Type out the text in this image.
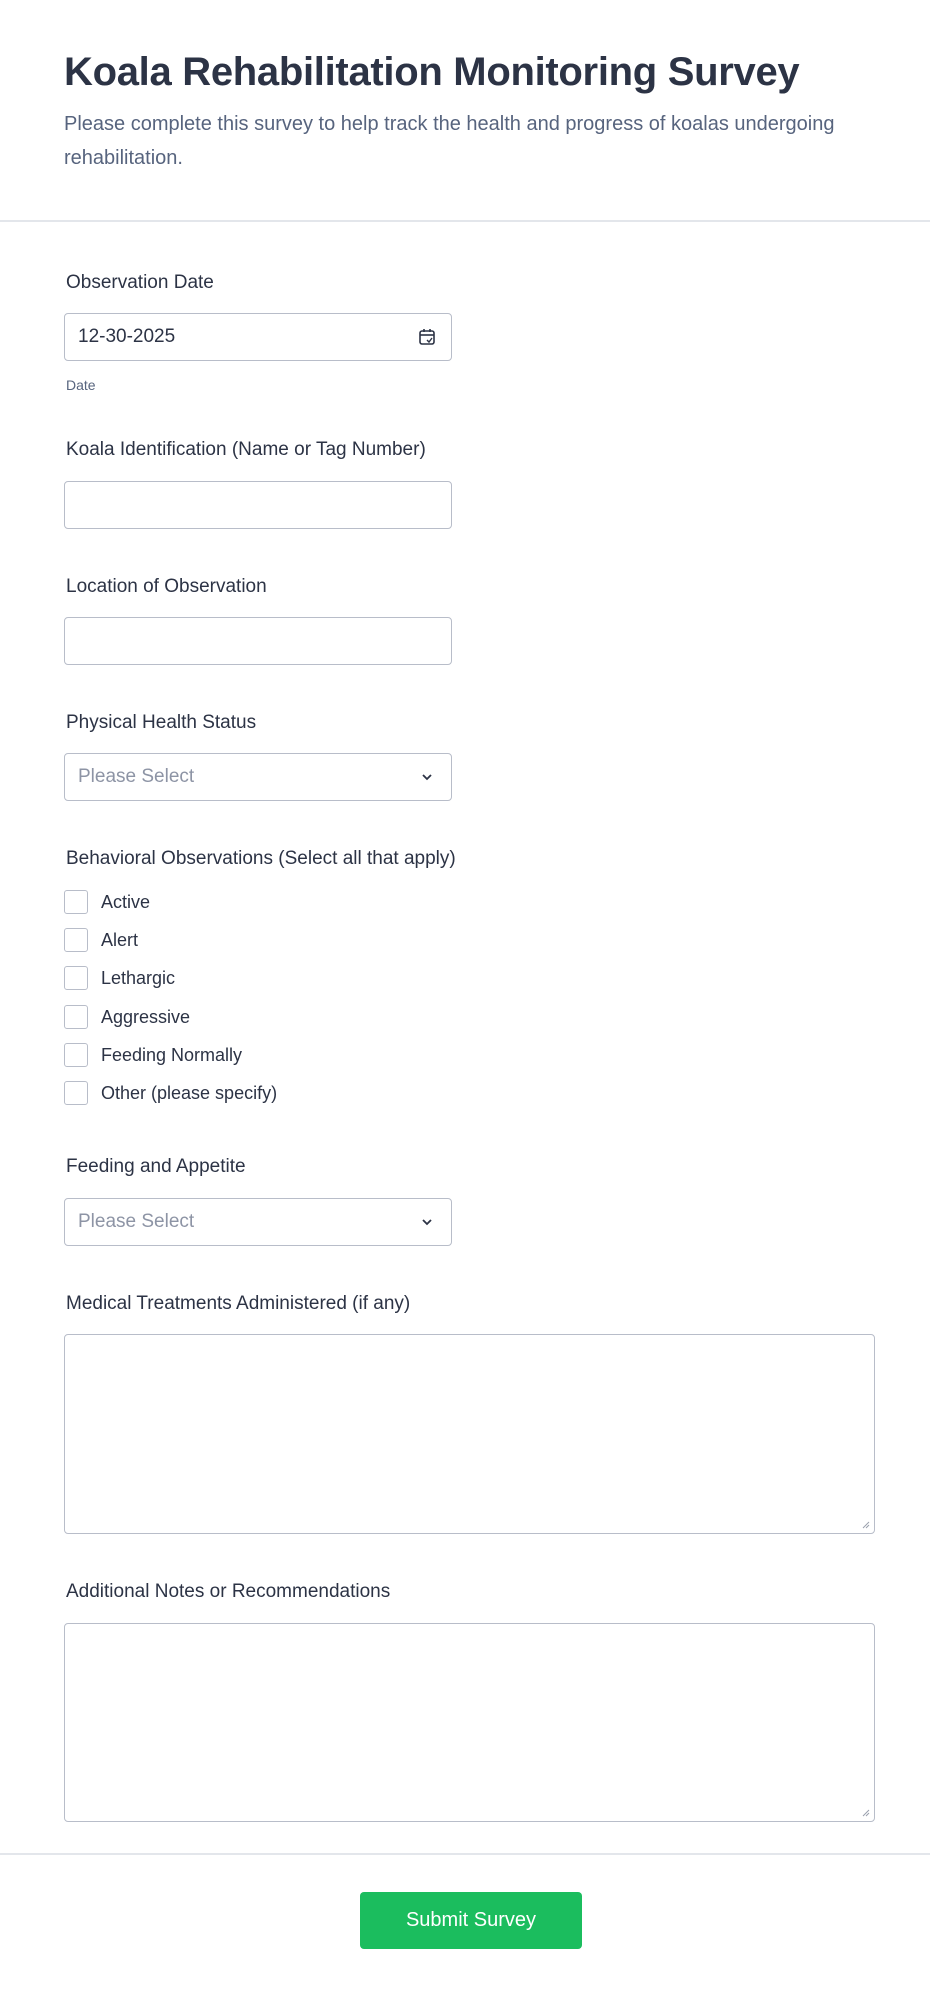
Koala Rehabilitation Monitoring Survey
Please complete this survey to help track the health and progress of koalas undergoing rehabilitation.
Observation Date
12-30-2025
Date
Koala Identification (Name or Tag Number)
Location of Observation
Physical Health Status
Please Select
Behavioral Observations (Select all that apply)
Active
Alert
Lethargic
Aggressive
Feeding Normally
Other (please specify)
Feeding and Appetite
Please Select
Medical Treatments Administered (if any)
Additional Notes or Recommendations
Submit Survey
